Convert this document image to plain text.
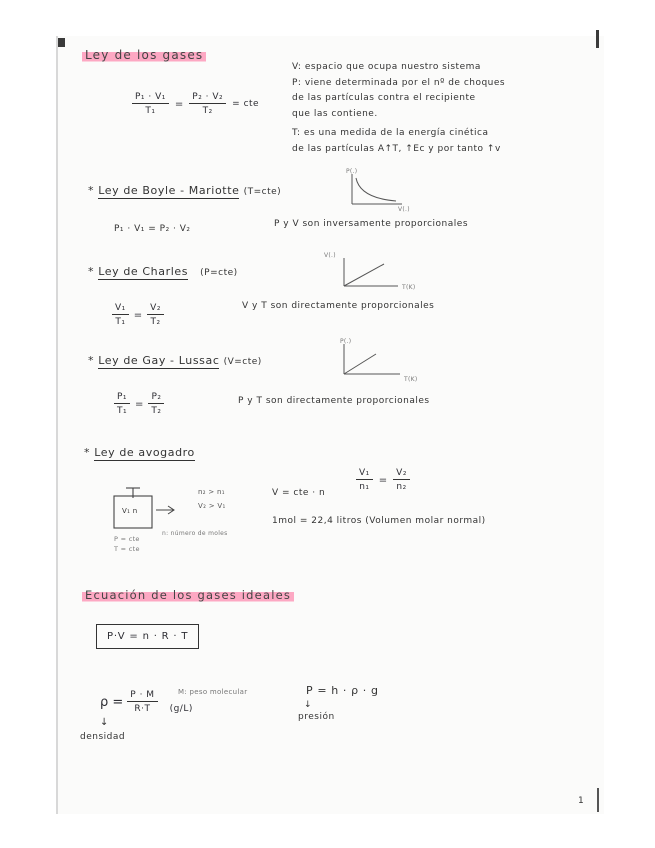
Ley de los gases
$\frac{\text{P₁ · V₁}}{\text{T₁}} = \frac{\text{P₂ · V₂}}{\text{T₂}}$ = cte
V: espacio que ocupa nuestro sistema
P: viene determinada por el nº de choques
de las partículas contra el recipiente
que las contiene.
T: es una medida de la energía cinética
de las partículas A↑T, ↑Ec y por tanto ↑v
* Ley de Boyle - Mariotte (T=cte)
P(.)
V(.)
P₁ · V₁ = P₂ · V₂	P y V son inversamente proporcionales
* Ley de Charles (P=cte)
V(.)
T(K)
$\frac{\text{V₁}}{\text{T₁}} = \frac{\text{V₂}}{\text{T₂}}$	V y T son directamente proporcionales
* Ley de Gay - Lussac (V=cte)
P(.)
T(K)
$\frac{\text{P₁}}{\text{T₁}} = \frac{\text{P₂}}{\text{T₂}}$	P y T son directamente proporcionales
* Ley de avogadro
V₁ n
n₂ > n₁
V₂ > V₁
n: número de moles
P = cte
T = cte
V = cte · n
$\frac{\text{V₁}}{\text{n₁}} = \frac{\text{V₂}}{\text{n₂}}$
1mol = 22,4 litros (Volumen molar normal)
Ecuación de los gases ideales
P·V = n · R · T
$\rho = \frac{P \cdot M}{R\cdot T} (g/L)$
M: peso molecular
↓
densidad
P = h · ρ · g
↓
presión
1
